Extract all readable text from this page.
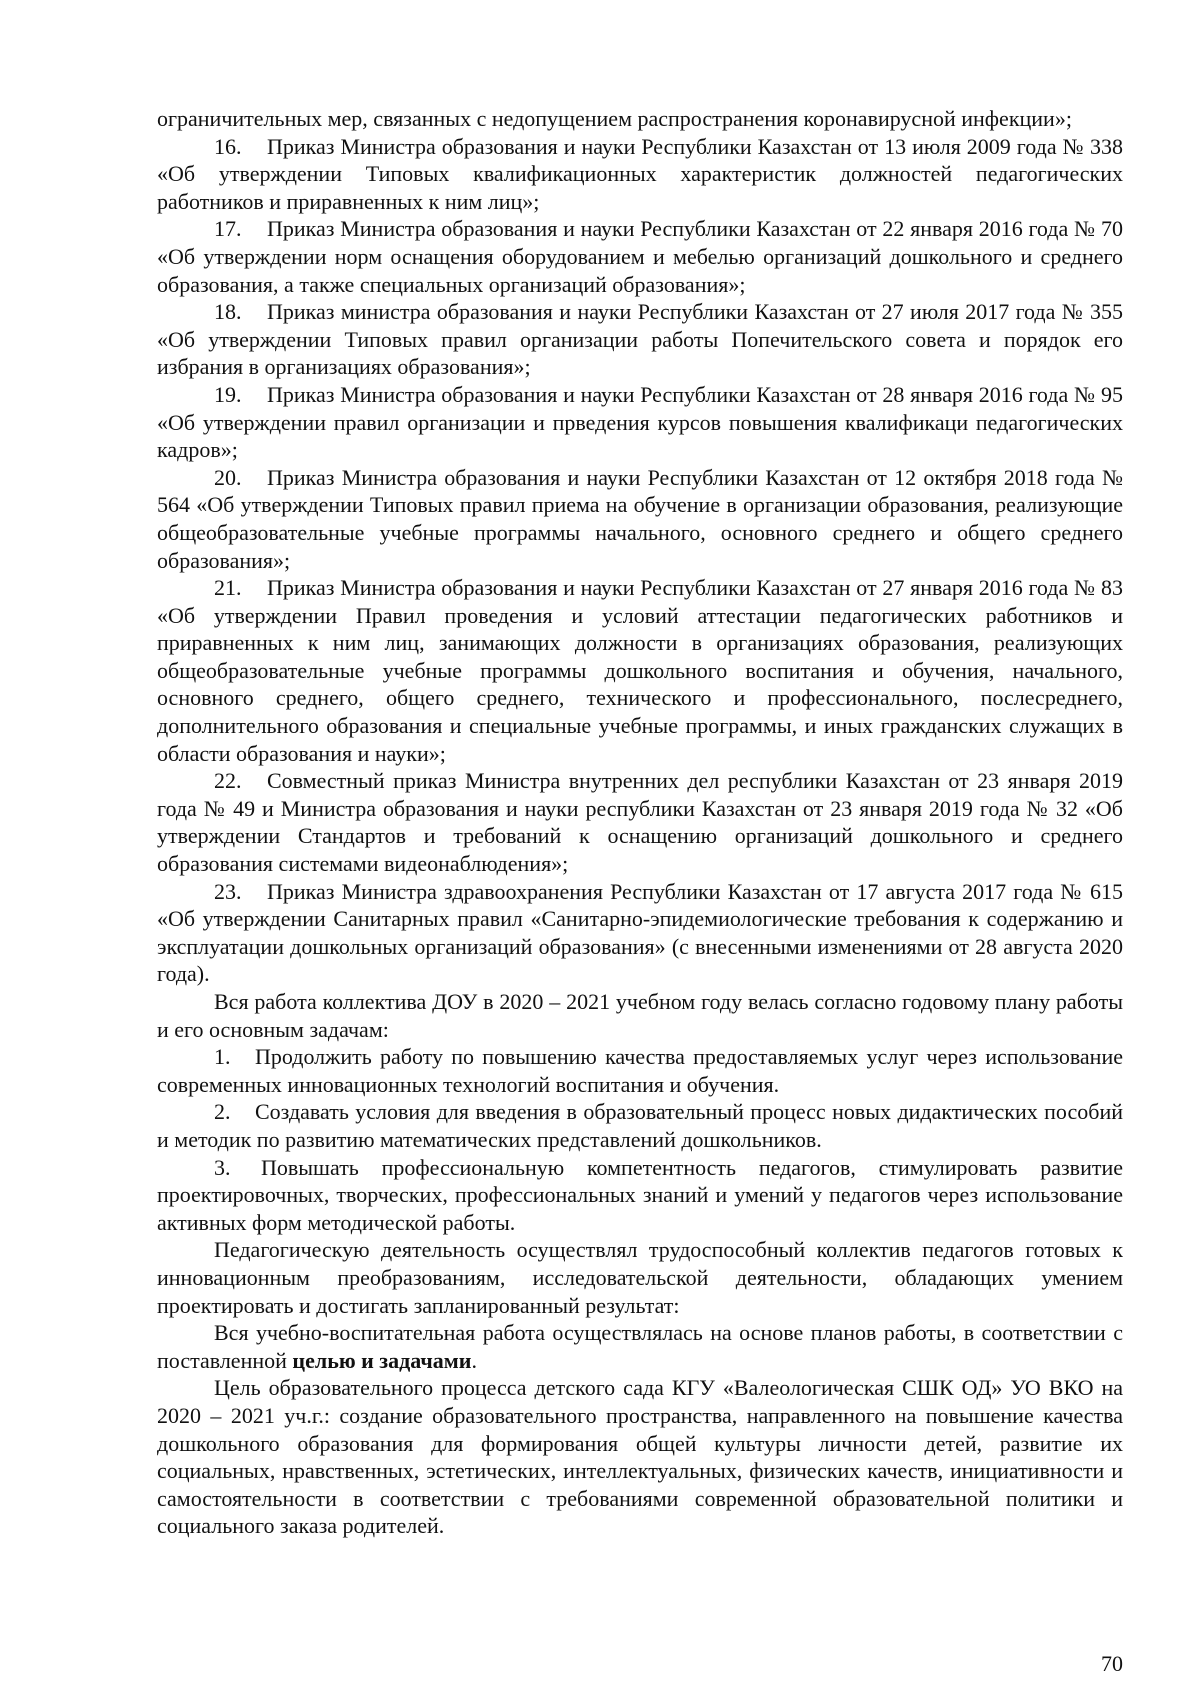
ограничительных мер, связанных с недопущением распространения коронавирусной инфекции»;

16. Приказ Министра образования и науки Республики Казахстан от 13 июля 2009 года № 338 «Об утверждении Типовых квалификационных характеристик должностей педагогических работников и приравненных к ним лиц»;

17. Приказ Министра образования и науки Республики Казахстан от 22 января 2016 года № 70 «Об утверждении норм оснащения оборудованием и мебелью организаций дошкольного и среднего образования, а также специальных организаций образования»;

18. Приказ министра образования и науки Республики Казахстан от 27 июля 2017 года № 355 «Об утверждении Типовых правил организации работы Попечительского совета и порядок его избрания в организациях образования»;

19. Приказ Министра образования и науки Республики Казахстан от 28 января 2016 года № 95 «Об утверждении правил организации и прведения курсов повышения квалификаци педагогических кадров»;

20. Приказ Министра образования и науки Республики Казахстан от 12 октября 2018 года № 564 «Об утверждении Типовых правил приема на обучение в организации образования, реализующие общеобразовательные учебные программы начального, основного среднего и общего среднего образования»;

21. Приказ Министра образования и науки Республики Казахстан от 27 января 2016 года № 83 «Об утверждении Правил проведения и условий аттестации педагогических работников и приравненных к ним лиц, занимающих должности в организациях образования, реализующих общеобразовательные учебные программы дошкольного воспитания и обучения, начального, основного среднего, общего среднего, технического и профессионального, послесреднего, дополнительного образования и специальные учебные программы, и иных гражданских служащих в области образования и науки»;

22. Совместный приказ Министра внутренних дел республики Казахстан от 23 января 2019 года № 49 и Министра образования и науки республики Казахстан от 23 января 2019 года № 32 «Об утверждении Стандартов и требований к оснащению организаций дошкольного и среднего образования системами видеонаблюдения»;

23. Приказ Министра здравоохранения Республики Казахстан от 17 августа 2017 года № 615 «Об утверждении Санитарных правил «Санитарно-эпидемиологические требования к содержанию и эксплуатации дошкольных организаций образования» (с внесенными изменениями от 28 августа 2020 года).

Вся работа коллектива ДОУ в 2020 – 2021 учебном году велась согласно годовому плану работы и его основным задачам:

1. Продолжить работу по повышению качества предоставляемых услуг через использование современных инновационных технологий воспитания и обучения.

2. Создавать условия для введения в образовательный процесс новых дидактических пособий и методик по развитию математических представлений дошкольников.

3. Повышать профессиональную компетентность педагогов, стимулировать развитие проектировочных, творческих, профессиональных знаний и умений у педагогов через использование активных форм методической работы.

Педагогическую деятельность осуществлял трудоспособный коллектив педагогов готовых к инновационным преобразованиям, исследовательской деятельности, обладающих умением проектировать и достигать запланированный результат:

Вся учебно-воспитательная работа осуществлялась на основе планов работы, в соответствии с поставленной целью и задачами.

Цель образовательного процесса детского сада КГУ «Валеологическая СШК ОД» УО ВКО на 2020 – 2021 уч.г.: создание образовательного пространства, направленного на повышение качества дошкольного образования для формирования общей культуры личности детей, развитие их социальных, нравственных, эстетических, интеллектуальных, физических качеств, инициативности и самостоятельности в соответствии с требованиями современной образовательной политики и социального заказа родителей.

70
